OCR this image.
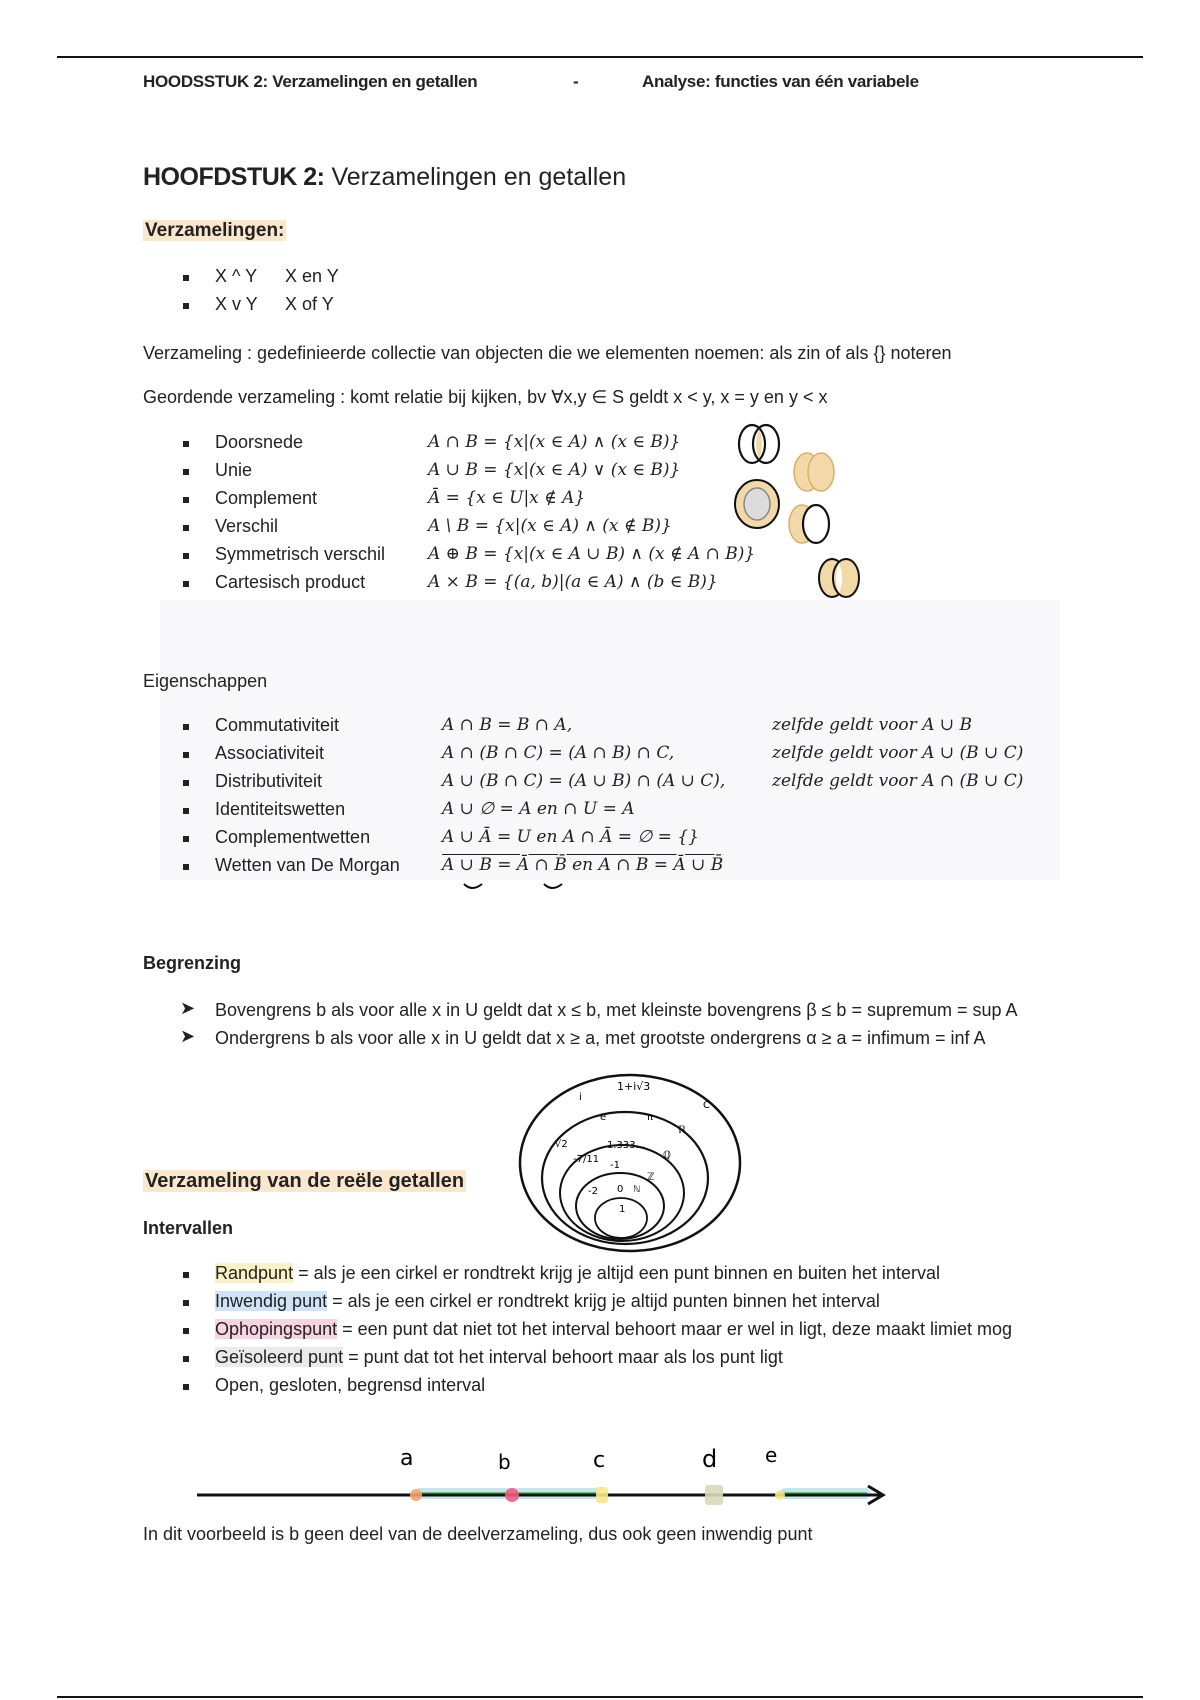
HOODSSTUK 2: Verzamelingen en getallen	-	Analyse: functies van één variabele
HOOFDSTUK 2: Verzamelingen en getallen
Verzamelingen:
X ^ Y X en Y
X v Y X of Y
Verzameling : gedefinieerde collectie van objecten die we elementen noemen: als zin of als {} noteren
Geordende verzameling : komt relatie bij kijken, bv ∀x,y ∈ S geldt x < y, x = y en y < x
Doorsnede	A ∩ B = {x|(x ∈ A) ∧ (x ∈ B)}
Unie	A ∪ B = {x|(x ∈ A) ∨ (x ∈ B)}
Complement	Ā = {x ∈ U|x ∉ A}
Verschil	A \ B = {x|(x ∈ A) ∧ (x ∉ B)}
Symmetrisch verschil	A ⊕ B = {x|(x ∈ A ∪ B) ∧ (x ∉ A ∩ B)}
Cartesisch product	A × B = {(a, b)|(a ∈ A) ∧ (b ∈ B)}
Eigenschappen
Commutativiteit	A ∩ B = B ∩ A,	zelfde geldt voor A ∪ B
Associativiteit	A ∩ (B ∩ C) = (A ∩ B) ∩ C,	zelfde geldt voor A ∪ (B ∪ C)
Distributiviteit	A ∪ (B ∩ C) = (A ∪ B) ∩ (A ∪ C),	zelfde geldt voor A ∩ (B ∪ C)
Identiteitswetten	A ∪ ∅ = A en ∩ U = A
Complementwetten	A ∪ Ā = U en A ∩ Ā = ∅ = {}
Wetten van De Morgan A ∪ B = Ā ∩ B̄ en A ∩ B = Ā ∪ B̄
Begrenzing
➤ Bovengrens b als voor alle x in U geldt dat x ≤ b, met kleinste bovengrens β ≤ b = supremum = sup A
➤ Ondergrens b als voor alle x in U geldt dat x ≥ a, met grootste ondergrens α ≥ a = infimum = inf A
1+i√3
i
C
e	π
√2	1.333...
ℝ
-7/11
-1
ℚ
ℤ
-2 0 ℕ
1
Verzameling van de reële getallen
Intervallen
Randpunt = als je een cirkel er rondtrekt krijg je altijd een punt binnen en buiten het interval
Inwendig punt = als je een cirkel er rondtrekt krijg je altijd punten binnen het interval
Ophopingspunt = een punt dat niet tot het interval behoort maar er wel in ligt, deze maakt limiet mog
Geïsoleerd punt = punt dat tot het interval behoort maar als los punt ligt
Open, gesloten, begrensd interval
a	b	c	d e
In dit voorbeeld is b geen deel van de deelverzameling, dus ook geen inwendig punt
